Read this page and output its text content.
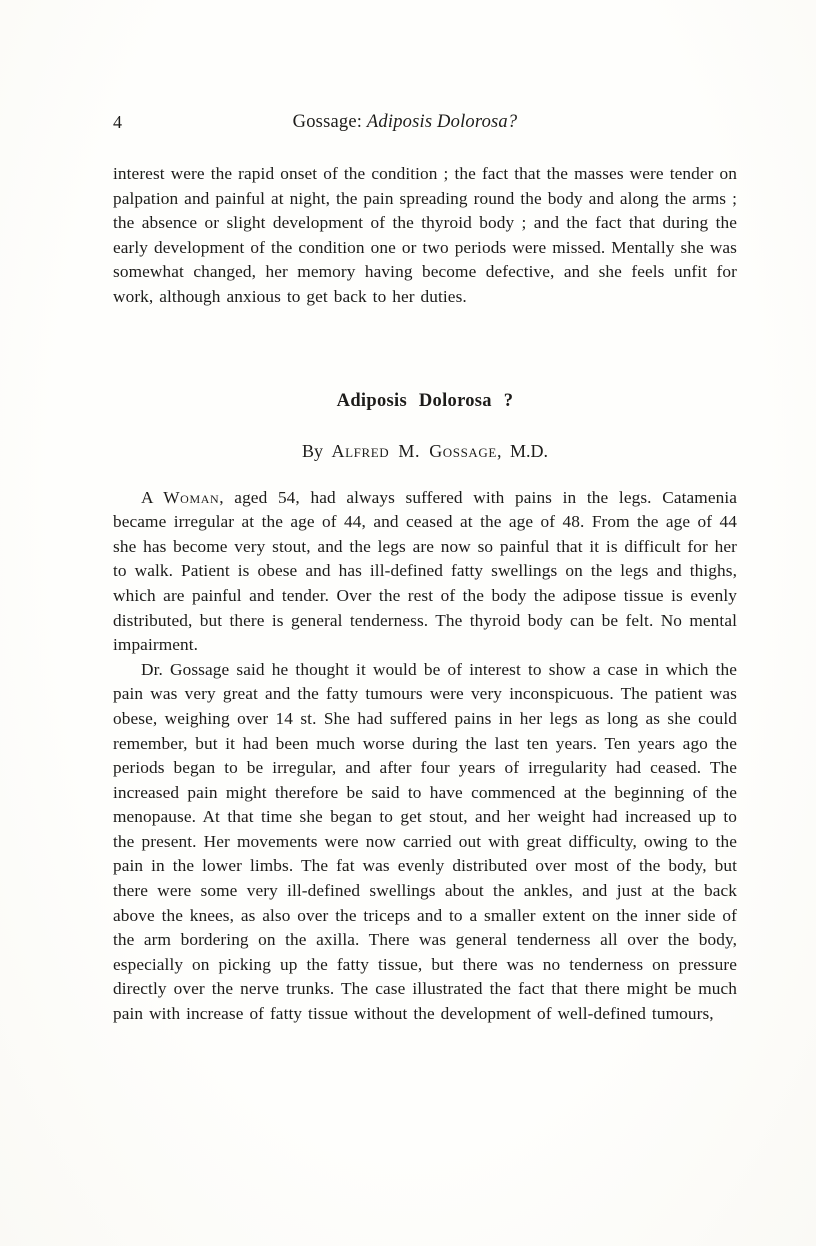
4	Gossage: Adiposis Dolorosa?

interest were the rapid onset of the condition ; the fact that the masses were tender on palpation and painful at night, the pain spreading round the body and along the arms ; the absence or slight development of the thyroid body ; and the fact that during the early development of the condition one or two periods were missed. Mentally she was somewhat changed, her memory having become defective, and she feels unfit for work, although anxious to get back to her duties.

Adiposis Dolorosa ?
By Alfred M. Gossage, M.D.

A Woman, aged 54, had always suffered with pains in the legs. Catamenia became irregular at the age of 44, and ceased at the age of 48. From the age of 44 she has become very stout, and the legs are now so painful that it is difficult for her to walk. Patient is obese and has ill-defined fatty swellings on the legs and thighs, which are painful and tender. Over the rest of the body the adipose tissue is evenly distributed, but there is general tenderness. The thyroid body can be felt. No mental impairment.

Dr. Gossage said he thought it would be of interest to show a case in which the pain was very great and the fatty tumours were very inconspicuous. The patient was obese, weighing over 14 st. She had suffered pains in her legs as long as she could remember, but it had been much worse during the last ten years. Ten years ago the periods began to be irregular, and after four years of irregularity had ceased. The increased pain might therefore be said to have commenced at the beginning of the menopause. At that time she began to get stout, and her weight had increased up to the present. Her movements were now carried out with great difficulty, owing to the pain in the lower limbs. The fat was evenly distributed over most of the body, but there were some very ill-defined swellings about the ankles, and just at the back above the knees, as also over the triceps and to a smaller extent on the inner side of the arm bordering on the axilla. There was general tenderness all over the body, especially on picking up the fatty tissue, but there was no tenderness on pressure directly over the nerve trunks. The case illustrated the fact that there might be much pain with increase of fatty tissue without the development of well-defined tumours,
